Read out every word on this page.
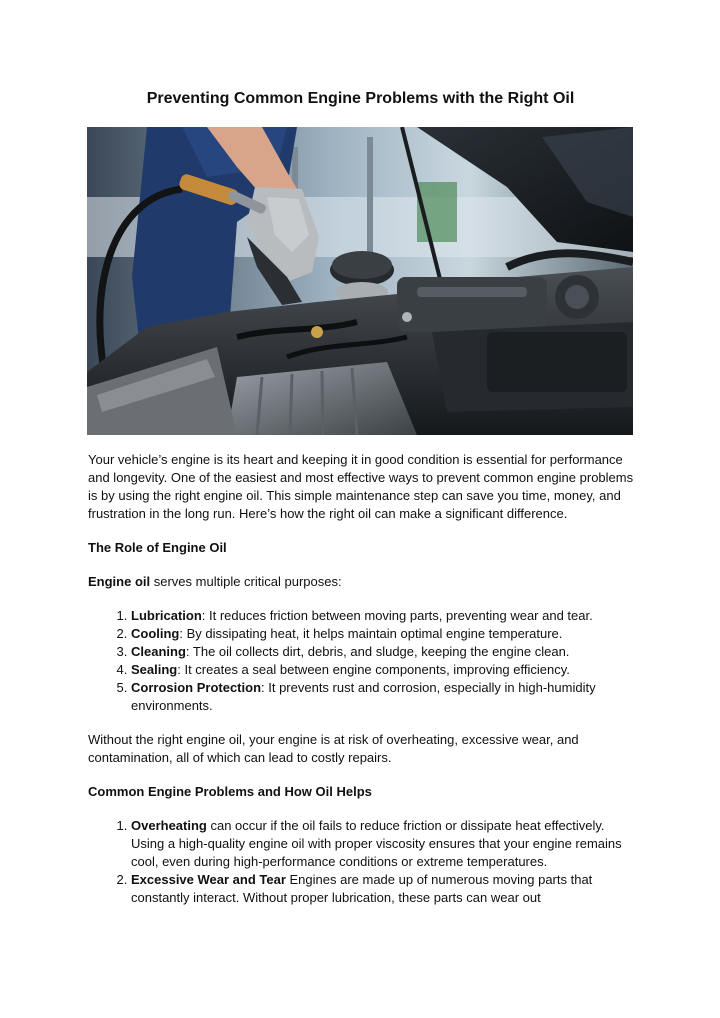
Preventing Common Engine Problems with the Right Oil

Your vehicle’s engine is its heart and keeping it in good condition is essential for performance and longevity. One of the easiest and most effective ways to prevent common engine problems is by using the right engine oil. This simple maintenance step can save you time, money, and frustration in the long run. Here’s how the right oil can make a significant difference.

The Role of Engine Oil

Engine oil serves multiple critical purposes:

1. Lubrication: It reduces friction between moving parts, preventing wear and tear.
2. Cooling: By dissipating heat, it helps maintain optimal engine temperature.
3. Cleaning: The oil collects dirt, debris, and sludge, keeping the engine clean.
4. Sealing: It creates a seal between engine components, improving efficiency.
5. Corrosion Protection: It prevents rust and corrosion, especially in high-humidity environments.

Without the right engine oil, your engine is at risk of overheating, excessive wear, and contamination, all of which can lead to costly repairs.

Common Engine Problems and How Oil Helps
1. Overheating can occur if the oil fails to reduce friction or dissipate heat effectively. Using a high-quality engine oil with proper viscosity ensures that your engine remains cool, even during high-performance conditions or extreme temperatures.
2. Excessive Wear and Tear Engines are made up of numerous moving parts that constantly interact. Without proper lubrication, these parts can wear out
